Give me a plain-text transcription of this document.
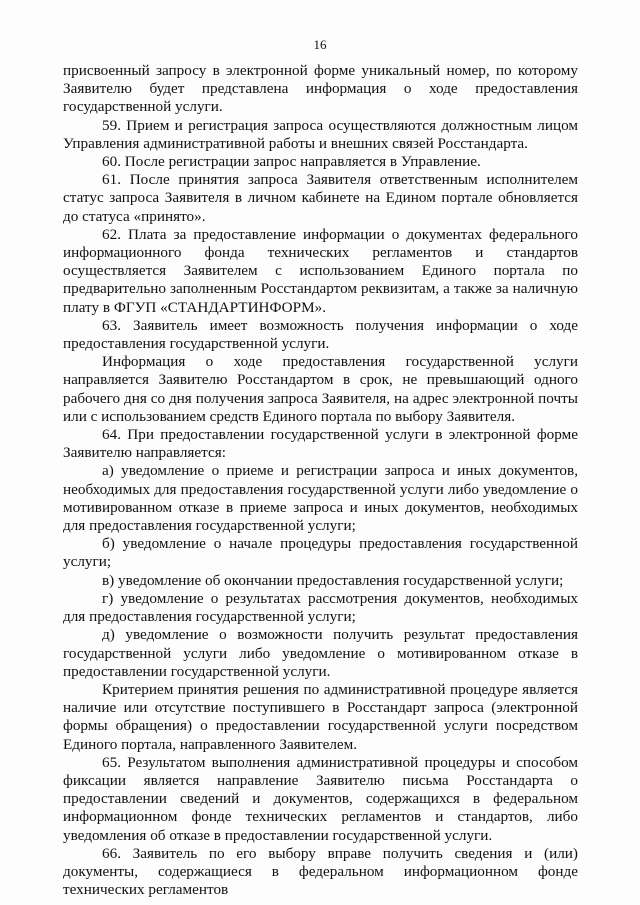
16

присвоенный запросу в электронной форме уникальный номер, по которому Заявителю будет представлена информация о ходе предоставления государственной услуги.

59. Прием и регистрация запроса осуществляются должностным лицом Управления административной работы и внешних связей Росстандарта.

60. После регистрации запрос направляется в Управление.

61. После принятия запроса Заявителя ответственным исполнителем статус запроса Заявителя в личном кабинете на Едином портале обновляется до статуса «принято».

62. Плата за предоставление информации о документах федерального информационного фонда технических регламентов и стандартов осуществляется Заявителем с использованием Единого портала по предварительно заполненным Росстандартом реквизитам, а также за наличную плату в ФГУП «СТАНДАРТИНФОРМ».

63. Заявитель имеет возможность получения информации о ходе предоставления государственной услуги.

Информация о ходе предоставления государственной услуги направляется Заявителю Росстандартом в срок, не превышающий одного рабочего дня со дня получения запроса Заявителя, на адрес электронной почты или с использованием средств Единого портала по выбору Заявителя.

64. При предоставлении государственной услуги в электронной форме Заявителю направляется:

а) уведомление о приеме и регистрации запроса и иных документов, необходимых для предоставления государственной услуги либо уведомление о мотивированном отказе в приеме запроса и иных документов, необходимых для предоставления государственной услуги;

б) уведомление о начале процедуры предоставления государственной услуги;

в) уведомление об окончании предоставления государственной услуги;

г) уведомление о результатах рассмотрения документов, необходимых для предоставления государственной услуги;

д) уведомление о возможности получить результат предоставления государственной услуги либо уведомление о мотивированном отказе в предоставлении государственной услуги.

Критерием принятия решения по административной процедуре является наличие или отсутствие поступившего в Росстандарт запроса (электронной формы обращения) о предоставлении государственной услуги посредством Единого портала, направленного Заявителем.

65. Результатом выполнения административной процедуры и способом фиксации является направление Заявителю письма Росстандарта о предоставлении сведений и документов, содержащихся в федеральном информационном фонде технических регламентов и стандартов, либо уведомления об отказе в предоставлении государственной услуги.

66. Заявитель по его выбору вправе получить сведения и (или) документы, содержащиеся в федеральном информационном фонде технических регламентов
